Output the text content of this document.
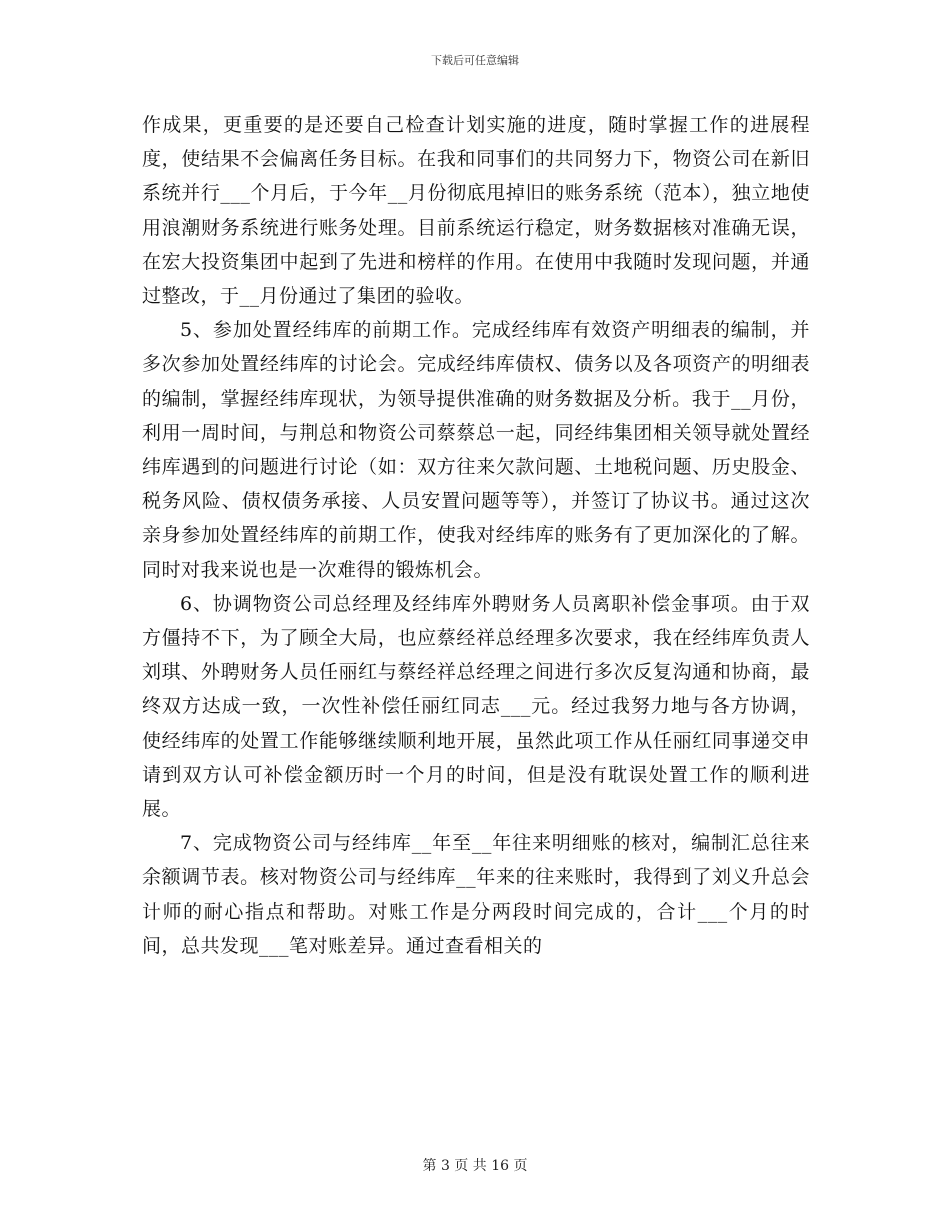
下载后可任意编辑

作成果，更重要的是还要自己检查计划实施的进度，随时掌握工作的进展程度，使结果不会偏离任务目标。在我和同事们的共同努力下，物资公司在新旧系统并行___个月后，于今年__月份彻底甩掉旧的账务系统（范本），独立地使用浪潮财务系统进行账务处理。目前系统运行稳定，财务数据核对准确无误，在宏大投资集团中起到了先进和榜样的作用。在使用中我随时发现问题，并通过整改，于__月份通过了集团的验收。

5、参加处置经纬库的前期工作。完成经纬库有效资产明细表的编制，并多次参加处置经纬库的讨论会。完成经纬库债权、债务以及各项资产的明细表的编制，掌握经纬库现状，为领导提供准确的财务数据及分析。我于__月份，利用一周时间，与荆总和物资公司蔡蔡总一起，同经纬集团相关领导就处置经纬库遇到的问题进行讨论（如：双方往来欠款问题、土地税问题、历史股金、税务风险、债权债务承接、人员安置问题等等），并签订了协议书。通过这次亲身参加处置经纬库的前期工作，使我对经纬库的账务有了更加深化的了解。同时对我来说也是一次难得的锻炼机会。

6、协调物资公司总经理及经纬库外聘财务人员离职补偿金事项。由于双方僵持不下，为了顾全大局，也应蔡经祥总经理多次要求，我在经纬库负责人刘琪、外聘财务人员任丽红与蔡经祥总经理之间进行多次反复沟通和协商，最终双方达成一致，一次性补偿任丽红同志___元。经过我努力地与各方协调，使经纬库的处置工作能够继续顺利地开展，虽然此项工作从任丽红同事递交申请到双方认可补偿金额历时一个月的时间，但是没有耽误处置工作的顺利进展。

7、完成物资公司与经纬库__年至__年往来明细账的核对，编制汇总往来余额调节表。核对物资公司与经纬库__年来的往来账时，我得到了刘义升总会计师的耐心指点和帮助。对账工作是分两段时间完成的，合计___个月的时间，总共发现___笔对账差异。通过查看相关的

第 3 页 共 16 页
